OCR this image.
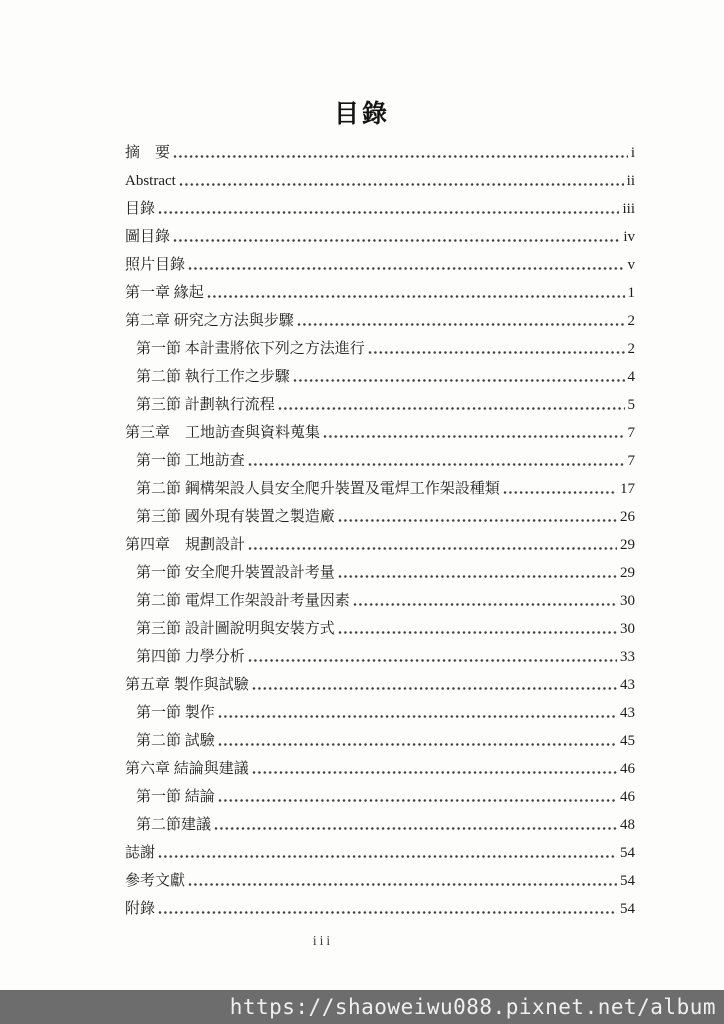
目錄
摘　要	i
Abstract	ii
目錄	iii
圖目錄	iv
照片目錄	v
第一章 緣起	1
第二章 研究之方法與步驟	2
第一節 本計畫將依下列之方法進行	2
第二節 執行工作之步驟	4
第三節 計劃執行流程	5
第三章　工地訪查與資料蒐集	7
第一節 工地訪查	7
第二節 鋼構架設人員安全爬升裝置及電焊工作架設種類	17
第三節 國外現有裝置之製造廠	26
第四章　規劃設計	29
第一節 安全爬升裝置設計考量	29
第二節 電焊工作架設計考量因素	30
第三節 設計圖說明與安裝方式	30
第四節 力學分析	33
第五章 製作與試驗	43
第一節 製作	43
第二節 試驗	45
第六章 結論與建議	46
第一節 結論	46
第二節建議	48
誌謝	54
參考文獻	54
附錄	54
iii
https://shaoweiwu088.pixnet.net/album
